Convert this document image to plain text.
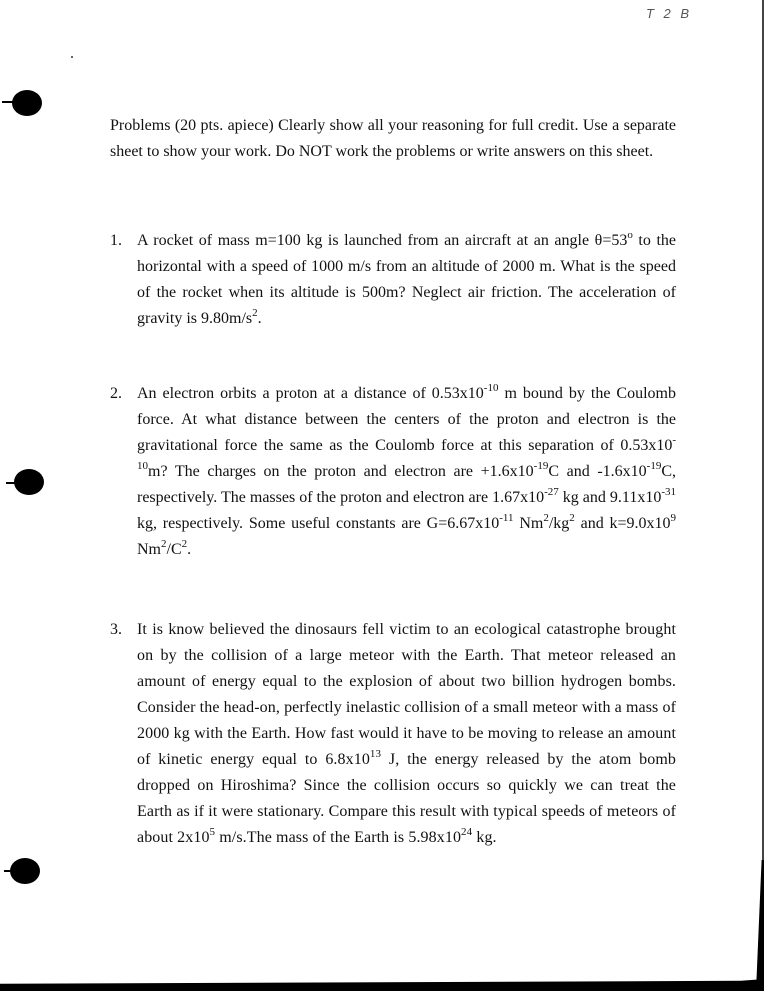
T 2 B
Problems (20 pts. apiece) Clearly show all your reasoning for full credit. Use a separate sheet to show your work. Do NOT work the problems or write answers on this sheet.
1. A rocket of mass m=100 kg is launched from an aircraft at an angle $\theta=53^o$ to the horizontal with a speed of 1000 m/s from an altitude of 2000 m. What is the speed of the rocket when its altitude is 500m? Neglect air friction. The acceleration of gravity is $9.80m/s^2$.
2. An electron orbits a proton at a distance of $0.53x10^{-10}$ m bound by the Coulomb force. At what distance between the centers of the proton and electron is the gravitational force the same as the Coulomb force at this separation of $0.53x10^{-10}m$? The charges on the proton and electron are $+1.6x10^{-19}C$ and $-1.6x10^{-19}C$, respectively. The masses of the proton and electron are $1.67x10^{-27}$ kg and $9.11x10^{-31}$ kg, respectively. Some useful constants are $G=6.67x10^{-11}$ $Nm^2/kg^2$ and $k=9.0x10^9$ $Nm^2/C^2$.
3. It is know believed the dinosaurs fell victim to an ecological catastrophe brought on by the collision of a large meteor with the Earth. That meteor released an amount of energy equal to the explosion of about two billion hydrogen bombs. Consider the head-on, perfectly inelastic collision of a small meteor with a mass of 2000 kg with the Earth. How fast would it have to be moving to release an amount of kinetic energy equal to $6.8x10^{13}$ J, the energy released by the atom bomb dropped on Hiroshima? Since the collision occurs so quickly we can treat the Earth as if it were stationary. Compare this result with typical speeds of meteors of about $2x10^5$ m/s.The mass of the Earth is $5.98x10^{24}$ kg.
